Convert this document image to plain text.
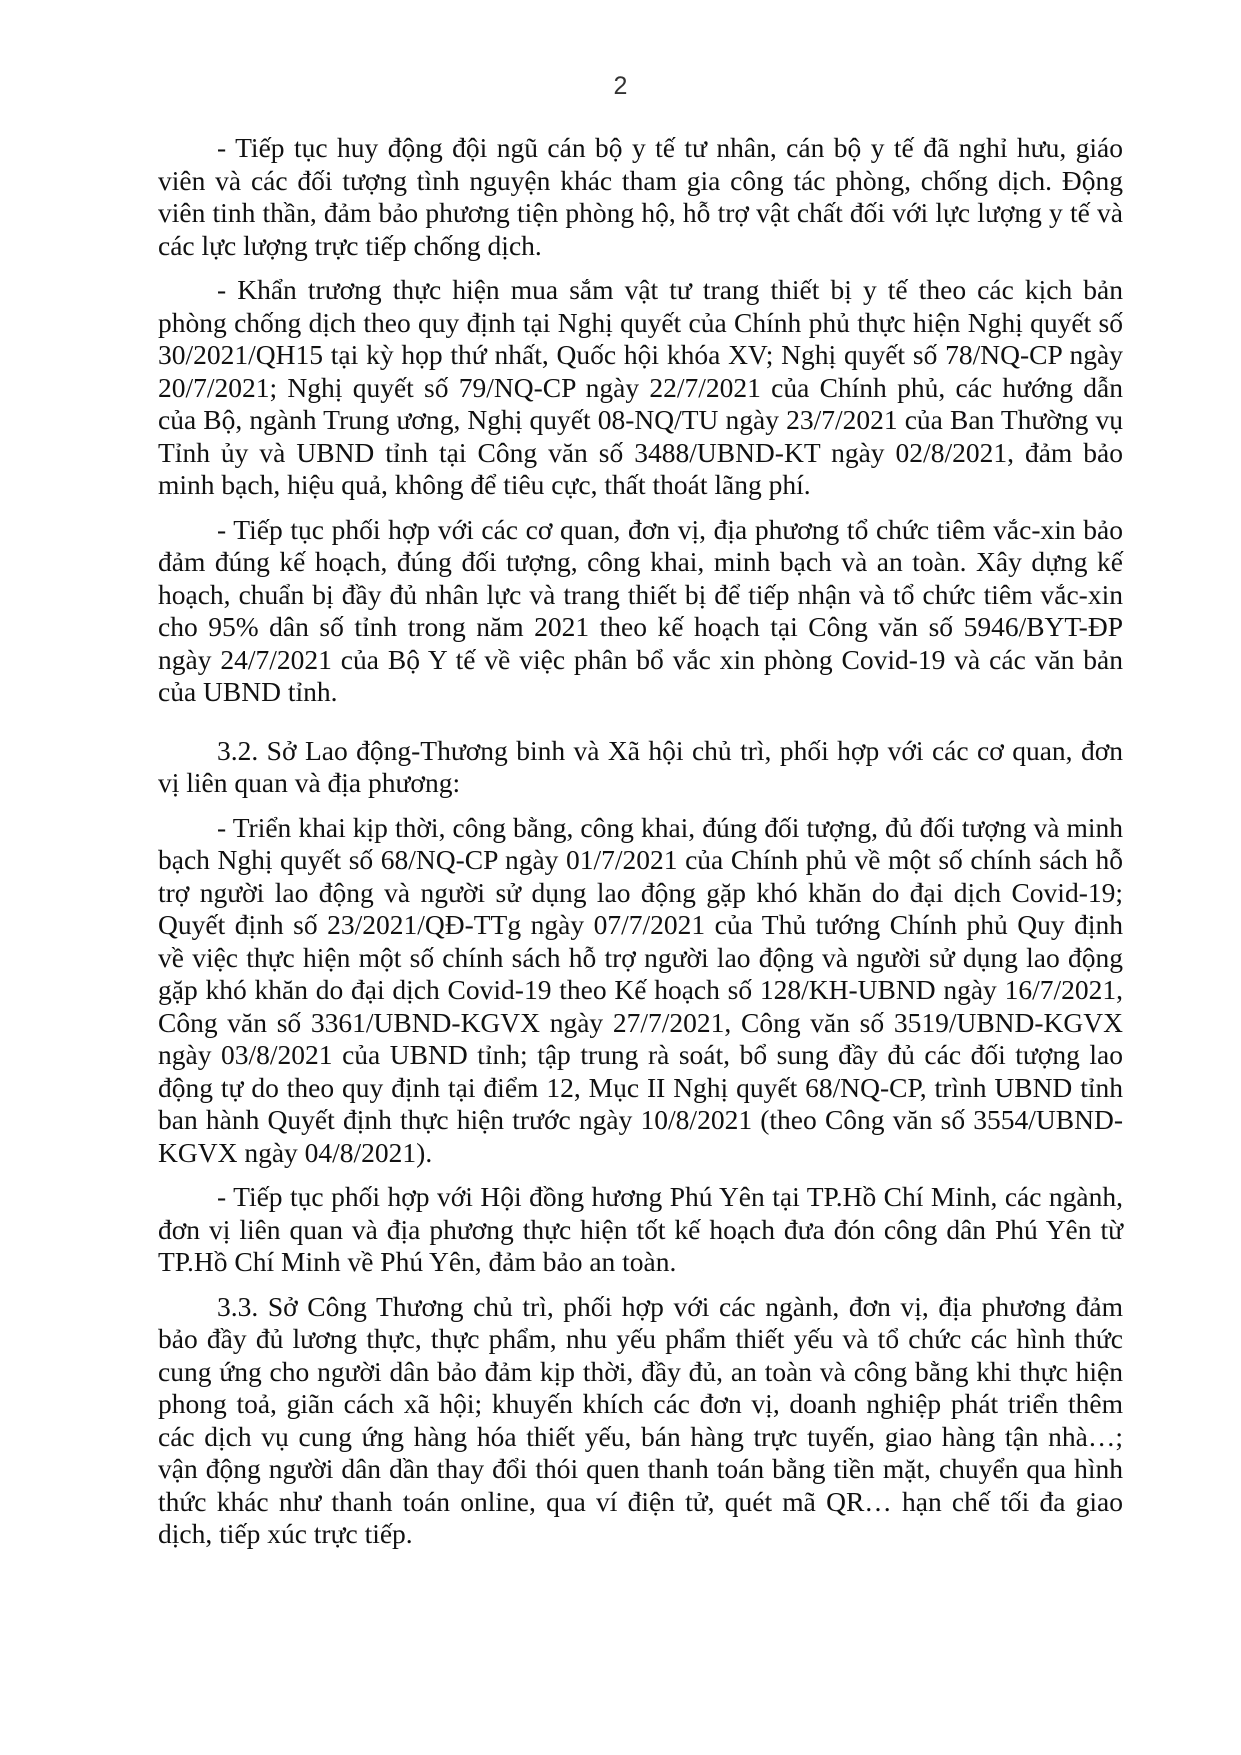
2

- Tiếp tục huy động đội ngũ cán bộ y tế tư nhân, cán bộ y tế đã nghỉ hưu, giáo viên và các đối tượng tình nguyện khác tham gia công tác phòng, chống dịch. Động viên tinh thần, đảm bảo phương tiện phòng hộ, hỗ trợ vật chất đối với lực lượng y tế và các lực lượng trực tiếp chống dịch.

- Khẩn trương thực hiện mua sắm vật tư trang thiết bị y tế theo các kịch bản phòng chống dịch theo quy định tại Nghị quyết của Chính phủ thực hiện Nghị quyết số 30/2021/QH15 tại kỳ họp thứ nhất, Quốc hội khóa XV; Nghị quyết số 78/NQ-CP ngày 20/7/2021; Nghị quyết số 79/NQ-CP ngày 22/7/2021 của Chính phủ, các hướng dẫn của Bộ, ngành Trung ương, Nghị quyết 08-NQ/TU ngày 23/7/2021 của Ban Thường vụ Tỉnh ủy và UBND tỉnh tại Công văn số 3488/UBND-KT ngày 02/8/2021, đảm bảo minh bạch, hiệu quả, không để tiêu cực, thất thoát lãng phí.

- Tiếp tục phối hợp với các cơ quan, đơn vị, địa phương tổ chức tiêm vắc-xin bảo đảm đúng kế hoạch, đúng đối tượng, công khai, minh bạch và an toàn. Xây dựng kế hoạch, chuẩn bị đầy đủ nhân lực và trang thiết bị để tiếp nhận và tổ chức tiêm vắc-xin cho 95% dân số tỉnh trong năm 2021 theo kế hoạch tại Công văn số 5946/BYT-ĐP ngày 24/7/2021 của Bộ Y tế về việc phân bổ vắc xin phòng Covid-19 và các văn bản của UBND tỉnh.

3.2. Sở Lao động-Thương binh và Xã hội chủ trì, phối hợp với các cơ quan, đơn vị liên quan và địa phương:

- Triển khai kịp thời, công bằng, công khai, đúng đối tượng, đủ đối tượng và minh bạch Nghị quyết số 68/NQ-CP ngày 01/7/2021 của Chính phủ về một số chính sách hỗ trợ người lao động và người sử dụng lao động gặp khó khăn do đại dịch Covid-19; Quyết định số 23/2021/QĐ-TTg ngày 07/7/2021 của Thủ tướng Chính phủ Quy định về việc thực hiện một số chính sách hỗ trợ người lao động và người sử dụng lao động gặp khó khăn do đại dịch Covid-19 theo Kế hoạch số 128/KH-UBND ngày 16/7/2021, Công văn số 3361/UBND-KGVX ngày 27/7/2021, Công văn số 3519/UBND-KGVX ngày 03/8/2021 của UBND tỉnh; tập trung rà soát, bổ sung đầy đủ các đối tượng lao động tự do theo quy định tại điểm 12, Mục II Nghị quyết 68/NQ-CP, trình UBND tỉnh ban hành Quyết định thực hiện trước ngày 10/8/2021 (theo Công văn số 3554/UBND-KGVX ngày 04/8/2021).

- Tiếp tục phối hợp với Hội đồng hương Phú Yên tại TP.Hồ Chí Minh, các ngành, đơn vị liên quan và địa phương thực hiện tốt kế hoạch đưa đón công dân Phú Yên từ TP.Hồ Chí Minh về Phú Yên, đảm bảo an toàn.

3.3. Sở Công Thương chủ trì, phối hợp với các ngành, đơn vị, địa phương đảm bảo đầy đủ lương thực, thực phẩm, nhu yếu phẩm thiết yếu và tổ chức các hình thức cung ứng cho người dân bảo đảm kịp thời, đầy đủ, an toàn và công bằng khi thực hiện phong toả, giãn cách xã hội; khuyến khích các đơn vị, doanh nghiệp phát triển thêm các dịch vụ cung ứng hàng hóa thiết yếu, bán hàng trực tuyến, giao hàng tận nhà…; vận động người dân dần thay đổi thói quen thanh toán bằng tiền mặt, chuyển qua hình thức khác như thanh toán online, qua ví điện tử, quét mã QR… hạn chế tối đa giao dịch, tiếp xúc trực tiếp.
